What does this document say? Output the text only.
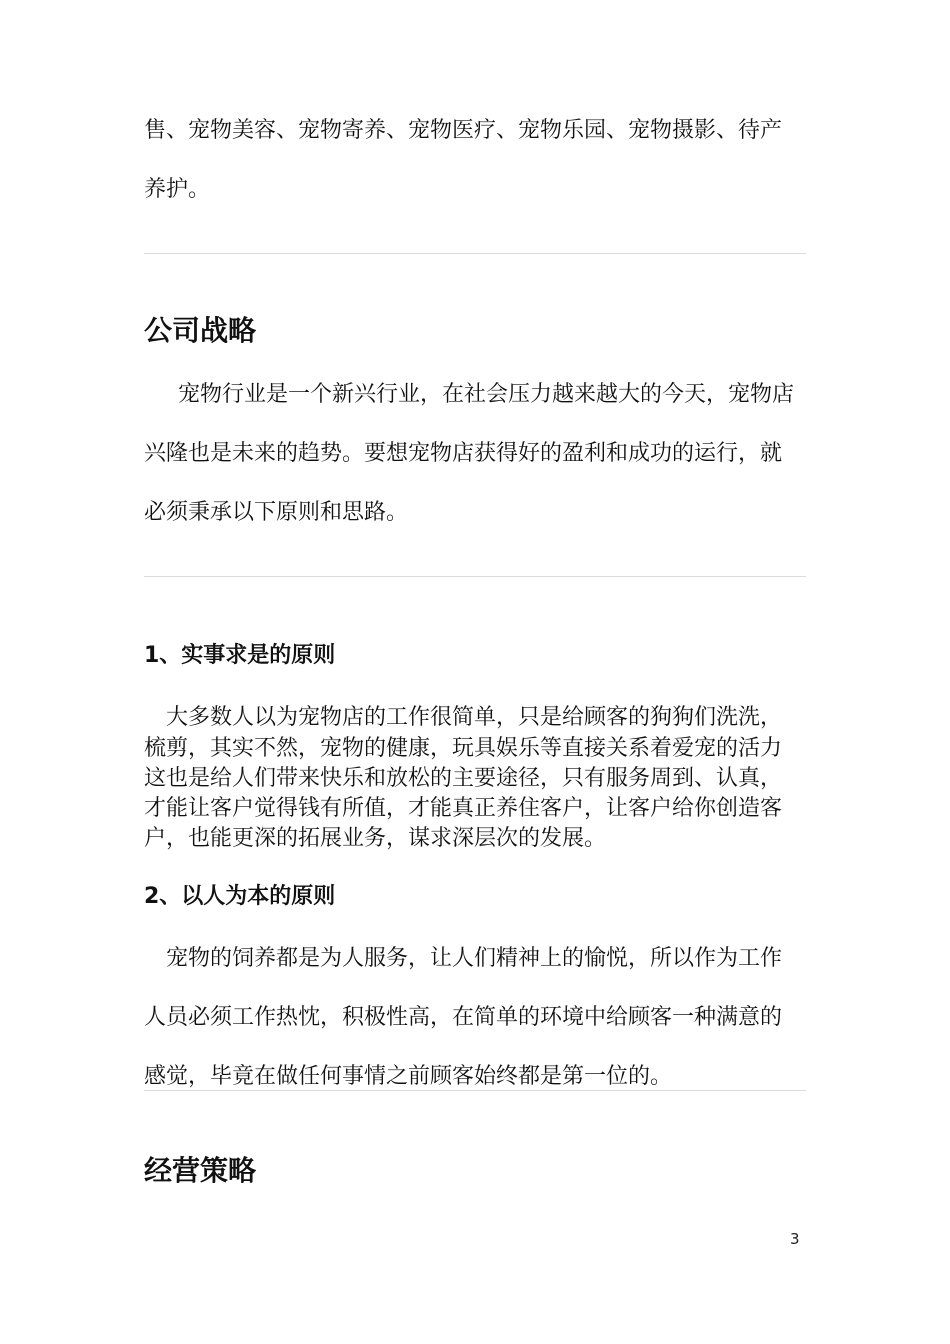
售、宠物美容、宠物寄养、宠物医疗、宠物乐园、宠物摄影、待产

养护。

公司战略

宠物行业是一个新兴行业，在社会压力越来越大的今天，宠物店

兴隆也是未来的趋势。要想宠物店获得好的盈利和成功的运行，就

必须秉承以下原则和思路。

1、实事求是的原则

大多数人以为宠物店的工作很简单，只是给顾客的狗狗们洗洗，

梳剪，其实不然，宠物的健康，玩具娱乐等直接关系着爱宠的活力

这也是给人们带来快乐和放松的主要途径，只有服务周到、认真，

才能让客户觉得钱有所值，才能真正养住客户，让客户给你创造客

户，也能更深的拓展业务，谋求深层次的发展。

2、以人为本的原则

宠物的饲养都是为人服务，让人们精神上的愉悦，所以作为工作

人员必须工作热忱，积极性高，在简单的环境中给顾客一种满意的

感觉，毕竟在做任何事情之前顾客始终都是第一位的。

经营策略
3
